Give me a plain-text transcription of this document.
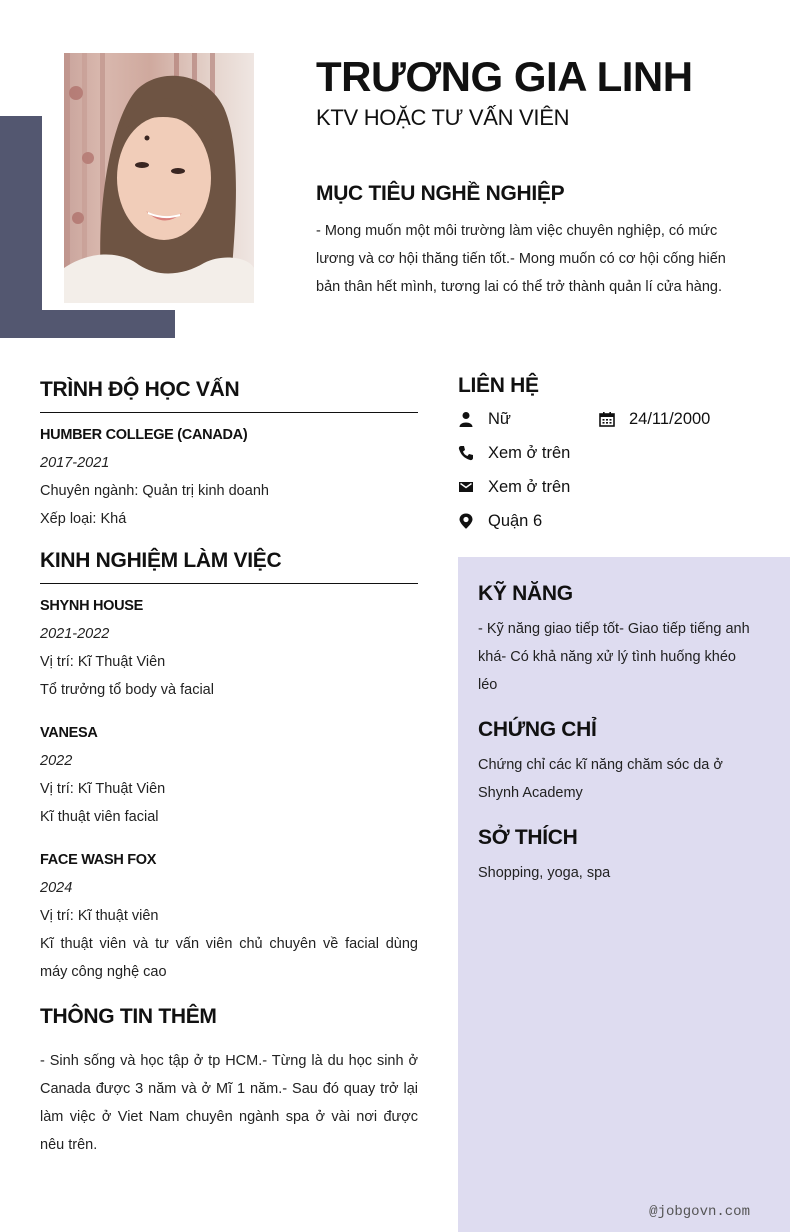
TRƯƠNG GIA LINH
KTV HOẶC TƯ VẤN VIÊN
MỤC TIÊU NGHỀ NGHIỆP

- Mong muốn một môi trường làm việc chuyên nghiệp, có mức lương và cơ hội thăng tiến tốt.- Mong muốn có cơ hội cống hiến bản thân hết mình, tương lai có thể trở thành quản lí cửa hàng.

TRÌNH ĐỘ HỌC VẤN

HUMBER COLLEGE (CANADA)

2017-2021

Chuyên ngành: Quản trị kinh doanh

Xếp loại: Khá

KINH NGHIỆM LÀM VIỆC

SHYNH HOUSE

2021-2022

Vị trí: Kĩ Thuật Viên

Tổ trưởng tổ body và facial

VANESA

2022

Vị trí: Kĩ Thuật Viên

Kĩ thuật viên facial

FACE WASH FOX

2024

Vị trí: Kĩ thuật viên

Kĩ thuật viên và tư vấn viên chủ chuyên về facial dùng máy công nghệ cao

THÔNG TIN THÊM

- Sinh sống và học tập ở tp HCM.- Từng là du học sinh ở Canada được 3 năm và ở Mĩ 1 năm.- Sau đó quay trở lại làm việc ở Viet Nam chuyên ngành spa ở vài nơi được nêu trên.

LIÊN HỆ
Nữ	24/11/2000
Xem ở trên
Xem ở trên
Quận 6
KỸ NĂNG

- Kỹ năng giao tiếp tốt- Giao tiếp tiếng anh khá- Có khả năng xử lý tình huống khéo léo

CHỨNG CHỈ

Chứng chỉ các kĩ năng chăm sóc da ở Shynh Academy

SỞ THÍCH

Shopping, yoga, spa

@jobgovn.com
